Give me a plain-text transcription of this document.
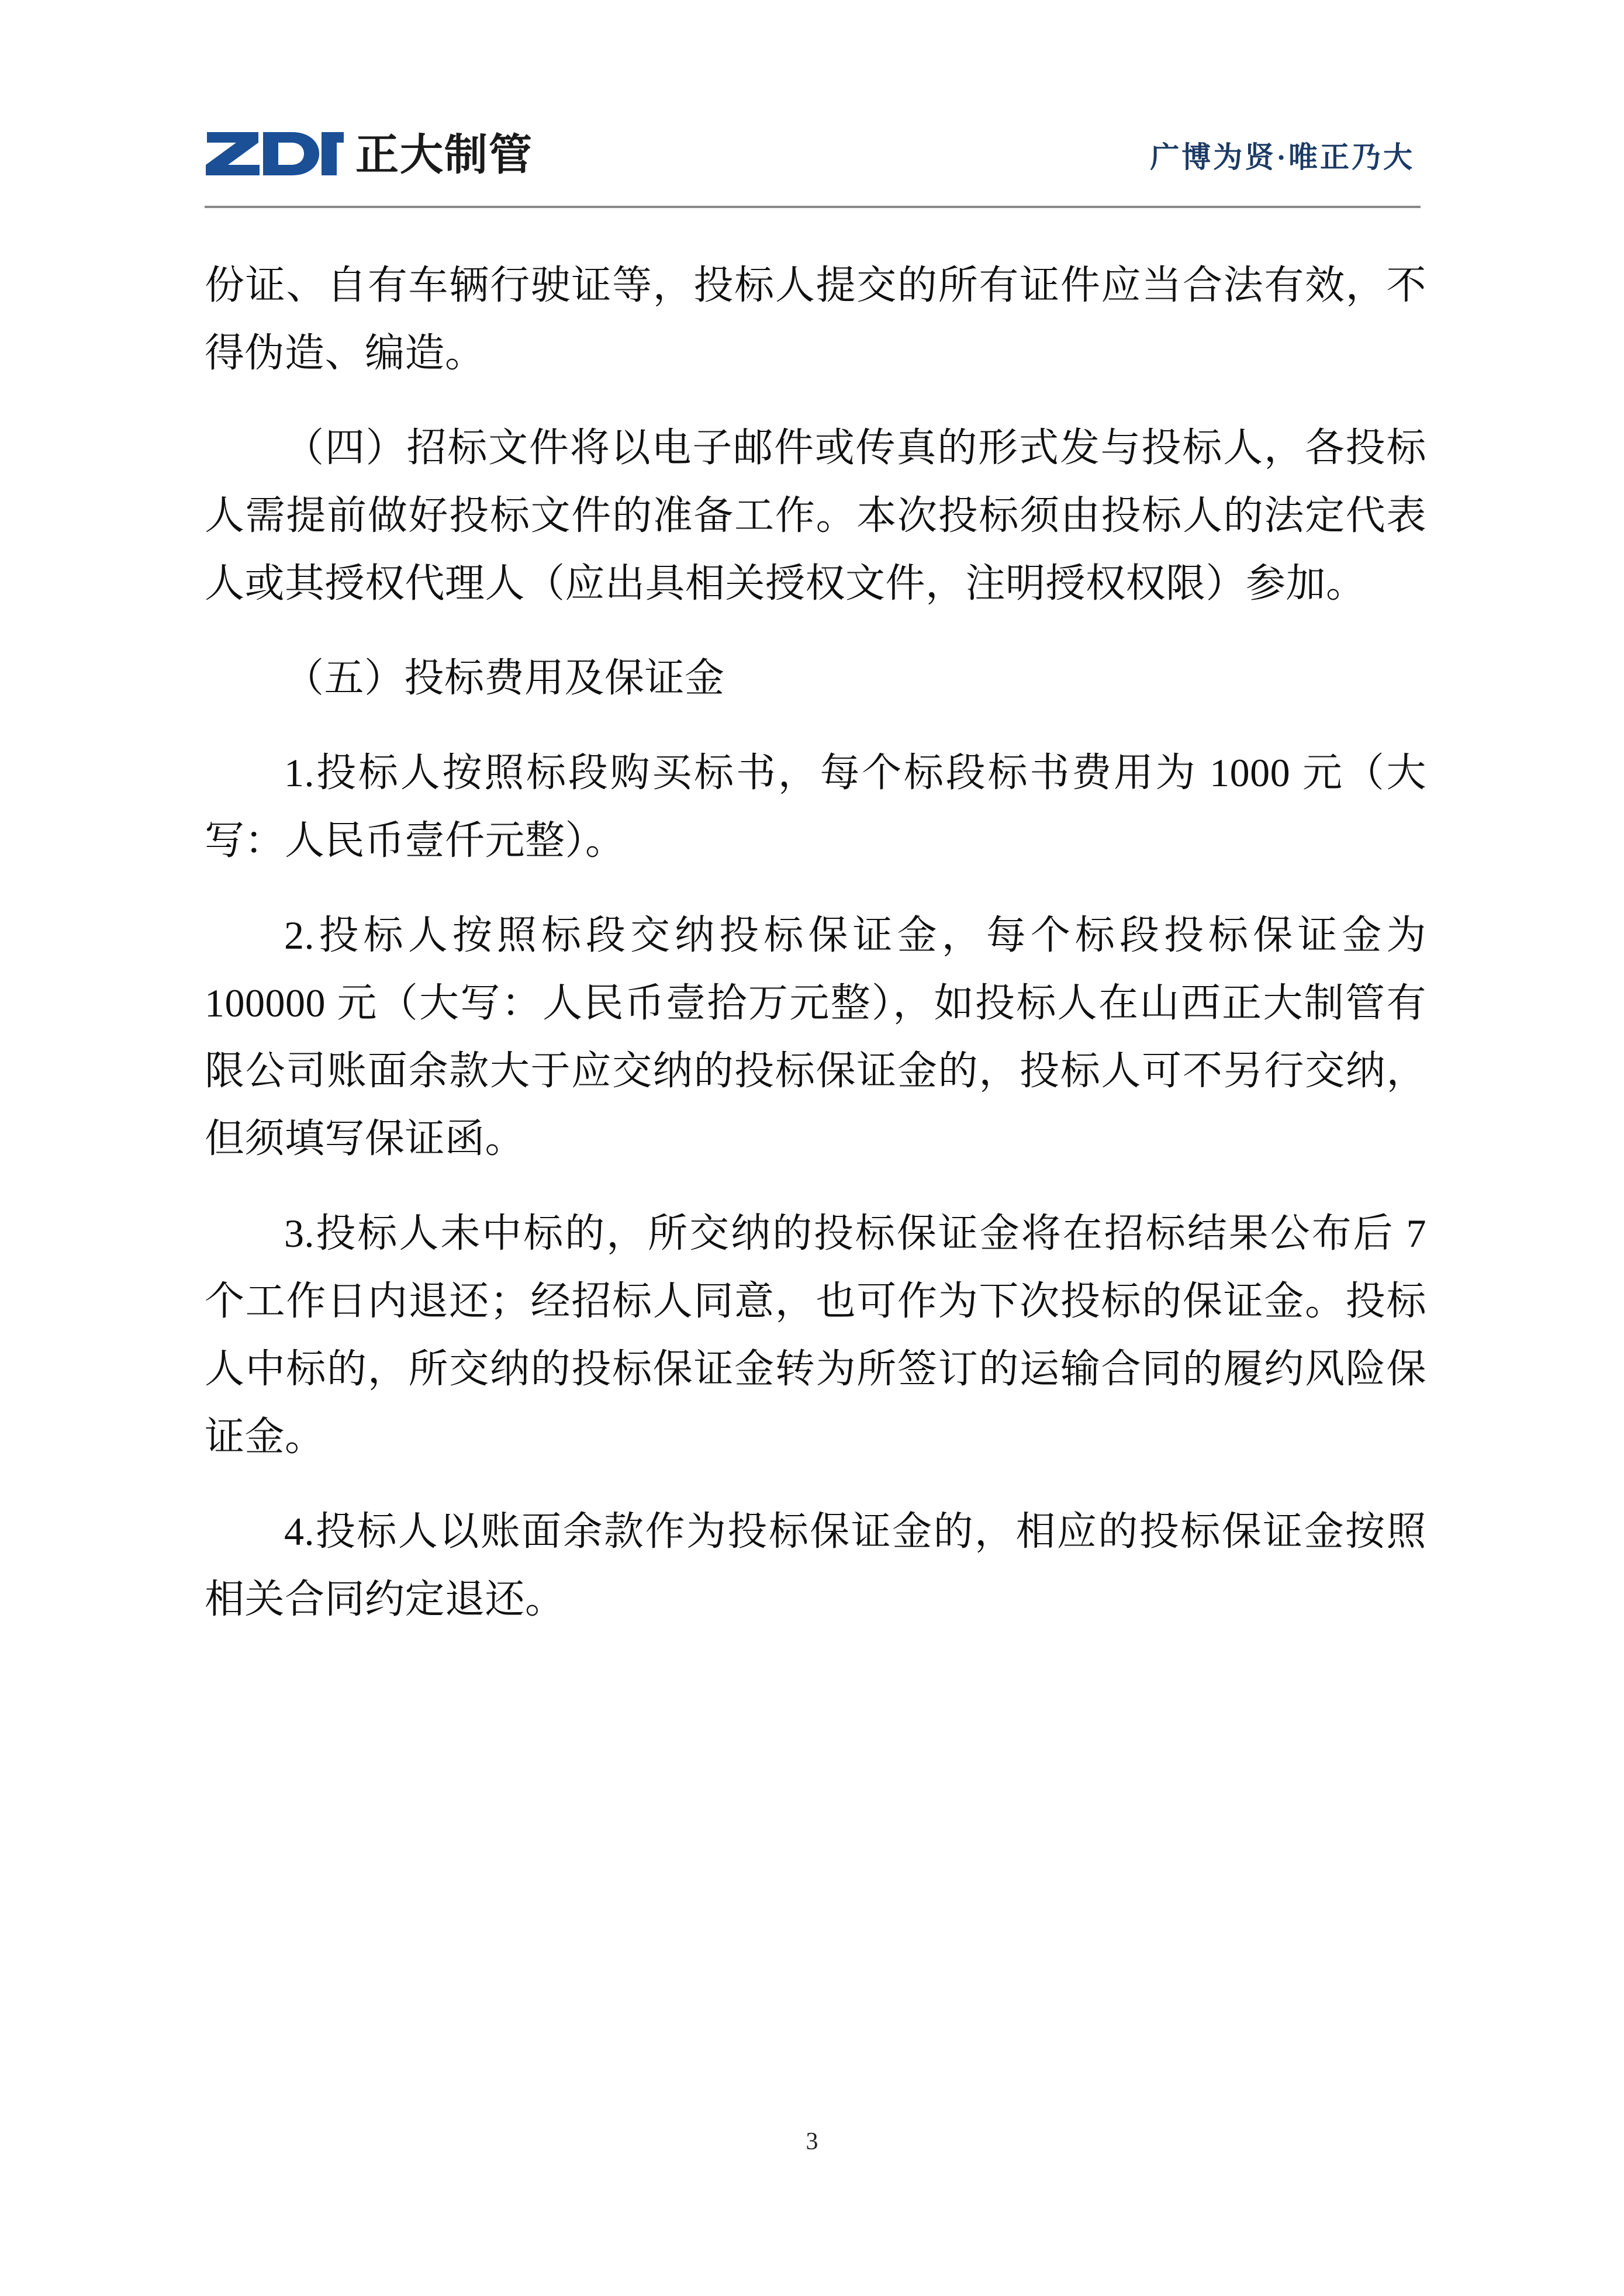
正大制管	广博为贤·唯正乃大

份证、自有车辆行驶证等，投标人提交的所有证件应当合法有效，不得伪造、编造。

（四）招标文件将以电子邮件或传真的形式发与投标人，各投标人需提前做好投标文件的准备工作。本次投标须由投标人的法定代表人或其授权代理人（应出具相关授权文件，注明授权权限）参加。

（五）投标费用及保证金

1.投标人按照标段购买标书，每个标段标书费用为 1000 元（大写：人民币壹仟元整）。

2.投标人按照标段交纳投标保证金，每个标段投标保证金为 100000 元（大写：人民币壹拾万元整），如投标人在山西正大制管有限公司账面余款大于应交纳的投标保证金的，投标人可不另行交纳，但须填写保证函。

3.投标人未中标的，所交纳的投标保证金将在招标结果公布后 7 个工作日内退还；经招标人同意，也可作为下次投标的保证金。投标人中标的，所交纳的投标保证金转为所签订的运输合同的履约风险保证金。

4.投标人以账面余款作为投标保证金的，相应的投标保证金按照相关合同约定退还。

3
